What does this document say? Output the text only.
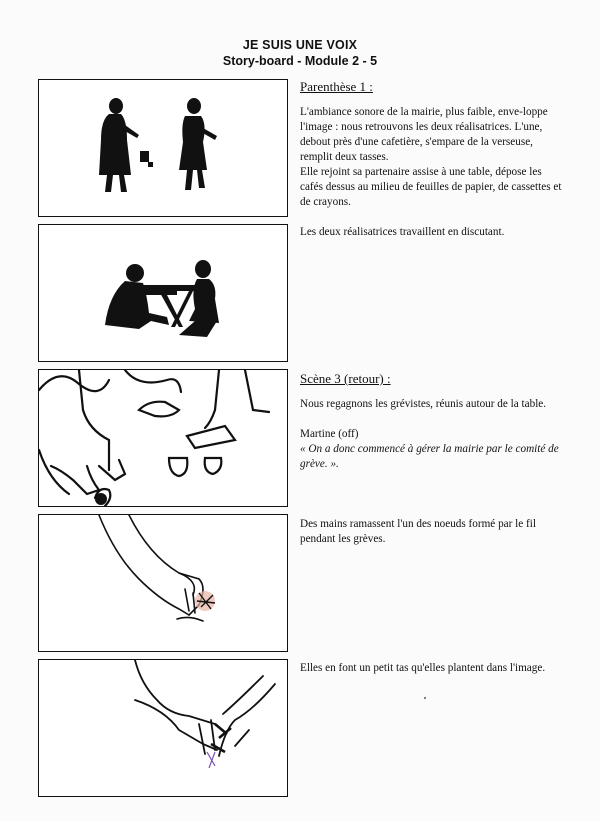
JE SUIS UNE VOIX
Story-board - Module 2 - 5
Parenthèse 1 :

L'ambiance sonore de la mairie, plus faible, enve-loppe l'image : nous retrouvons les deux réalisatrices. L'une, debout près d'une cafetière, s'empare de la verseuse, remplit deux tasses.

Elle rejoint sa partenaire assise à une table, dépose les cafés dessus au milieu de feuilles de papier, de cassettes et de crayons.

Les deux réalisatrices travaillent en discutant.

Scène 3 (retour) :

Nous regagnons les grévistes, réunis autour de la table.

Martine (off)

« On a donc commencé à gérer la mairie par le comité de grève. ».

Des mains ramassent l'un des noeuds formé par le fil pendant les grèves.
Elles en font un petit tas qu'elles plantent dans l'image.
